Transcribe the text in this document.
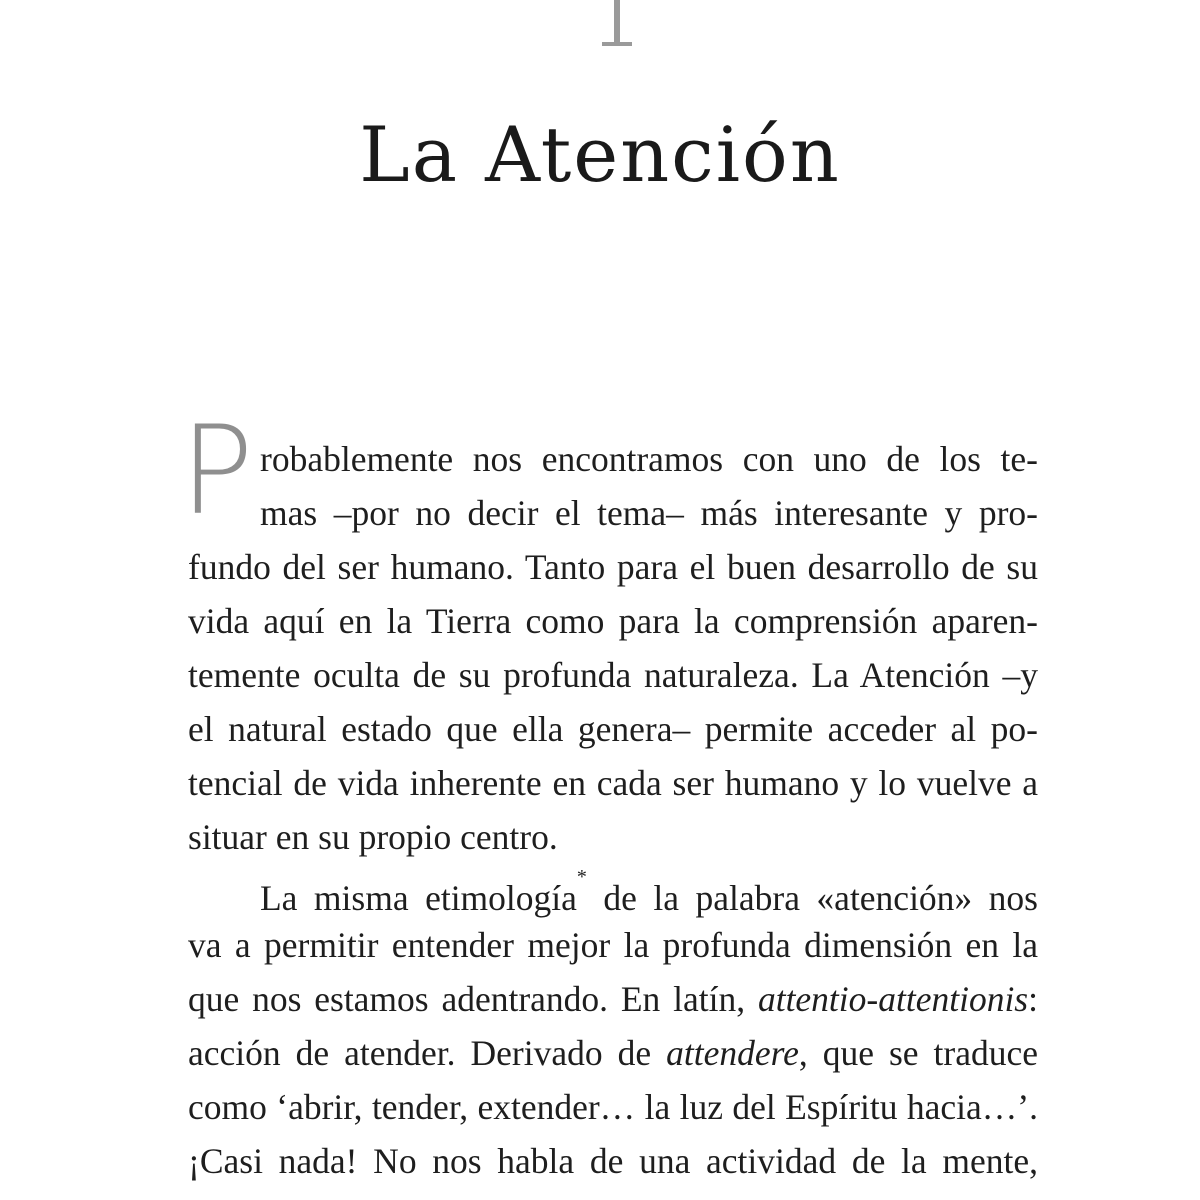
La Atención
P robablemente nos encontramos con uno de los te-
mas –por no decir el tema– más interesante y pro-
fundo del ser humano. Tanto para el buen desarrollo de su
vida aquí en la Tierra como para la comprensión aparen-
temente oculta de su profunda naturaleza. La Atención –y
el natural estado que ella genera– permite acceder al po-
tencial de vida inherente en cada ser humano y lo vuelve a
situar en su propio centro.
La misma etimología* de la palabra «atención» nos
va a permitir entender mejor la profunda dimensión en la
que nos estamos adentrando. En latín, attentio-attentionis:
acción de atender. Derivado de attendere, que se traduce
como ‘abrir, tender, extender… la luz del Espíritu hacia…’.
¡Casi nada! No nos habla de una actividad de la mente,
